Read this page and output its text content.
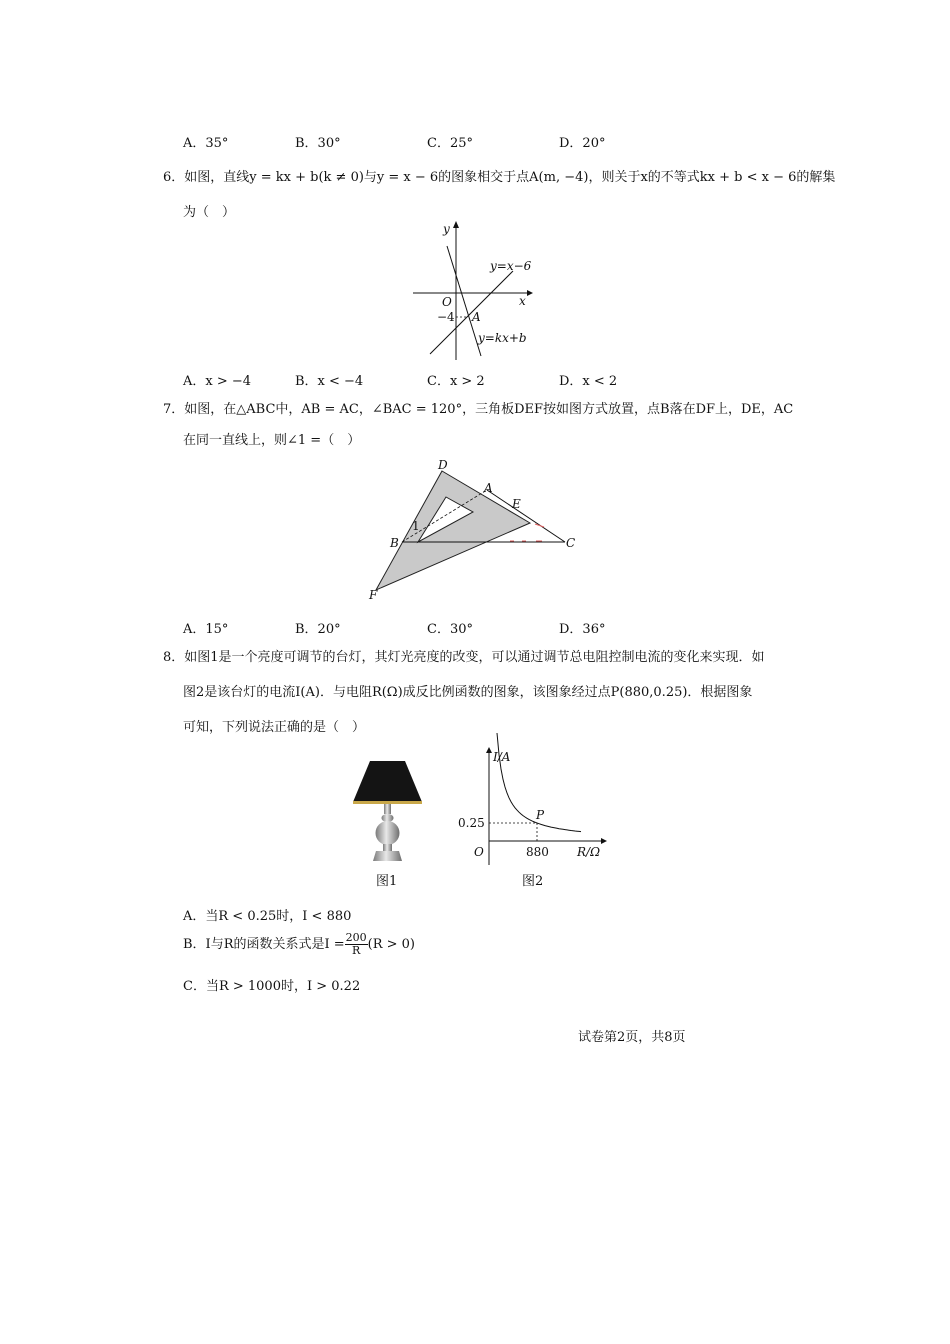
A．35°	B．30°	C．25°	D．20°
6．如图，直线y = kx + b(k ≠ 0)与y = x − 6的图象相交于点A(m, −4)，则关于x的不等式kx + b < x − 6的解集
为（　）
y
x
O
−4 A
y=x−6
y=kx+b
A．x > −4	B．x < −4	C．x > 2	D．x < 2
7．如图，在△ABC中，AB = AC，∠BAC = 120°，三角板DEF按如图方式放置，点B落在DF上，DE，AC
在同一直线上，则∠1 =（　）
D
A
E
B	C
F
1
A．15°	B．20°	C．30°	D．36°
8．如图1是一个亮度可调节的台灯，其灯光亮度的改变，可以通过调节总电阻控制电流的变化来实现．如
图2是该台灯的电流I(A)．与电阻R(Ω)成反比例函数的图象，该图象经过点P(880,0.25)．根据图象
可知，下列说法正确的是（　）
图1
I/A
R/Ω
O
0.25
880
P
图2
A．当R < 0.25时，I < 880
B．I与R的函数关系式是$I = \frac{200}{R} (R > 0)$
C．当R > 1000时，I > 0.22
试卷第2页，共8页
